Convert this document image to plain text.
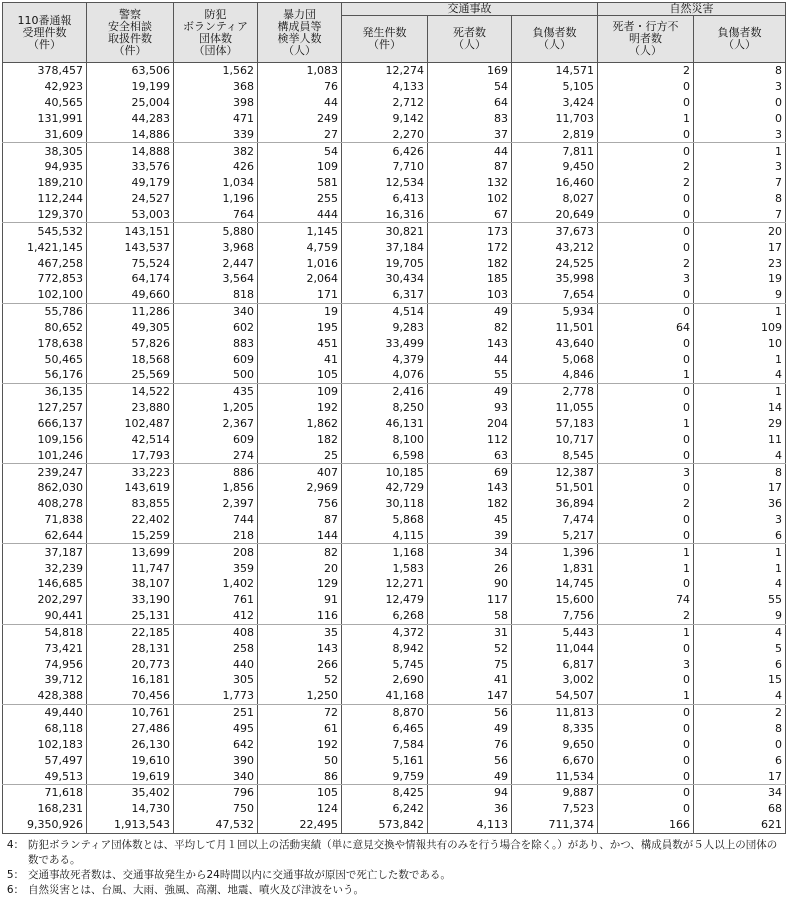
110番通報
受理件数
（件）	警察
安全相談
取扱件数
（件）	防犯
ボランティア
団体数
（団体）	暴力団
構成員等
検挙人数
（人）	交通事故			自然災害	
				発生件数
（件）	死者数
（人）	負傷者数
（人）	死者・行方不
明者数
（人）	負傷者数
（人）
378,457	63,506	1,562	1,083	12,274	169	14,571	2	8
42,923	19,199	368	76	4,133	54	5,105	0	3
40,565	25,004	398	44	2,712	64	3,424	0	0
131,991	44,283	471	249	9,142	83	11,703	1	0
31,609	14,886	339	27	2,270	37	2,819	0	3
38,305	14,888	382	54	6,426	44	7,811	0	1
94,935	33,576	426	109	7,710	87	9,450	2	3
189,210	49,179	1,034	581	12,534	132	16,460	2	7
112,244	24,527	1,196	255	6,413	102	8,027	0	8
129,370	53,003	764	444	16,316	67	20,649	0	7
545,532	143,151	5,880	1,145	30,821	173	37,673	0	20
1,421,145	143,537	3,968	4,759	37,184	172	43,212	0	17
467,258	75,524	2,447	1,016	19,705	182	24,525	2	23
772,853	64,174	3,564	2,064	30,434	185	35,998	3	19
102,100	49,660	818	171	6,317	103	7,654	0	9
55,786	11,286	340	19	4,514	49	5,934	0	1
80,652	49,305	602	195	9,283	82	11,501	64	109
178,638	57,826	883	451	33,499	143	43,640	0	10
50,465	18,568	609	41	4,379	44	5,068	0	1
56,176	25,569	500	105	4,076	55	4,846	1	4
36,135	14,522	435	109	2,416	49	2,778	0	1
127,257	23,880	1,205	192	8,250	93	11,055	0	14
666,137	102,487	2,367	1,862	46,131	204	57,183	1	29
109,156	42,514	609	182	8,100	112	10,717	0	11
101,246	17,793	274	25	6,598	63	8,545	0	4
239,247	33,223	886	407	10,185	69	12,387	3	8
862,030	143,619	1,856	2,969	42,729	143	51,501	0	17
408,278	83,855	2,397	756	30,118	182	36,894	2	36
71,838	22,402	744	87	5,868	45	7,474	0	3
62,644	15,259	218	144	4,115	39	5,217	0	6
37,187	13,699	208	82	1,168	34	1,396	1	1
32,239	11,747	359	20	1,583	26	1,831	1	1
146,685	38,107	1,402	129	12,271	90	14,745	0	4
202,297	33,190	761	91	12,479	117	15,600	74	55
90,441	25,131	412	116	6,268	58	7,756	2	9
54,818	22,185	408	35	4,372	31	5,443	1	4
73,421	28,131	258	143	8,942	52	11,044	0	5
74,956	20,773	440	266	5,745	75	6,817	3	6
39,712	16,181	305	52	2,690	41	3,002	0	15
428,388	70,456	1,773	1,250	41,168	147	54,507	1	4
49,440	10,761	251	72	8,870	56	11,813	0	2
68,118	27,486	495	61	6,465	49	8,335	0	8
102,183	26,130	642	192	7,584	76	9,650	0	0
57,497	19,610	390	50	5,161	56	6,670	0	6
49,513	19,619	340	86	9,759	49	11,534	0	17
71,618	35,402	796	105	8,425	94	9,887	0	34
168,231	14,730	750	124	6,242	36	7,523	0	68
9,350,926	1,913,543	47,532	22,495	573,842	4,113	711,374	166	621
4： 防犯ボランティア団体数とは、平均して月１回以上の活動実績（単に意見交換や情報共有のみを行う場合を除く。）があり、かつ、構成員数が５人以上の団体の数である。
5： 交通事故死者数は、交通事故発生から24時間以内に交通事故が原因で死亡した数である。
6： 自然災害とは、台風、大雨、強風、高潮、地震、噴火及び津波をいう。
